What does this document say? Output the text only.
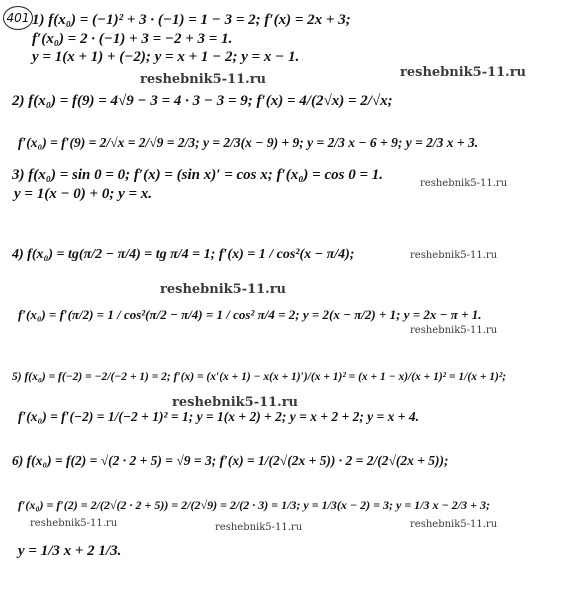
401 1) f(x₀) = (−1)² + 3 · (−1) = 1 − 3 = 2; f′(x) = 2x + 3;
f′(x₀) = 2 · (−1) + 3 = −2 + 3 = 1.
y = 1(x + 1) + (−2); y = x + 1 − 2; y = x − 1.
reshebnik5-11.ru	reshebnik5-11.ru
2) f(x₀) = f(9) = 4√9 − 3 = 4 · 3 − 3 = 9; f′(x) = 4/(2√x) = 2/√x;
f′(x₀) = f′(9) = 2/√x = 2/√9 = 2/3; y = 2/3(x − 9) + 9; y = 2/3 x − 6 + 9; y = 2/3 x + 3.
3) f(x₀) = sin 0 = 0; f′(x) = (sin x)′ = cos x; f′(x₀) = cos 0 = 1.
y = 1(x − 0) + 0; y = x.
reshebnik5-11.ru
4) f(x₀) = tg(π/2 − π/4) = tg π/4 = 1; f′(x) = 1 / cos²(x − π/4);
f′(x₀) = f′(π/2) = 1 / cos²(π/2 − π/4) = 1 / cos² π/4 = 2; y = 2(x − π/2) + 1; y = 2x − π + 1.
reshebnik5-11.ru
reshebnik5-11.ru
reshebnik5-11.ru
5) f(x₀) = f(−2) = −2/(−2 + 1) = 2; f′(x) = (x′(x + 1) − x(x + 1)′)/(x + 1)² = (x + 1 − x)/(x + 1)² = 1/(x + 1)²;
f′(x₀) = f′(−2) = 1/(−2 + 1)² = 1; y = 1(x + 2) + 2; y = x + 2 + 2; y = x + 4.
reshebnik5-11.ru
6) f(x₀) = f(2) = √(2 · 2 + 5) = √9 = 3; f′(x) = 1/(2√(2x + 5)) · 2 = 2/(2√(2x + 5));
f′(x₀) = f′(2) = 2/(2√(2 · 2 + 5)) = 2/(2√9) = 2/(2 · 3) = 1/3; y = 1/3(x − 2) = 3; y = 1/3 x − 2/3 + 3;
y = 1/3 x + 2 1/3.
reshebnik5-11.ru	reshebnik5-11.ru	reshebnik5-11.ru
